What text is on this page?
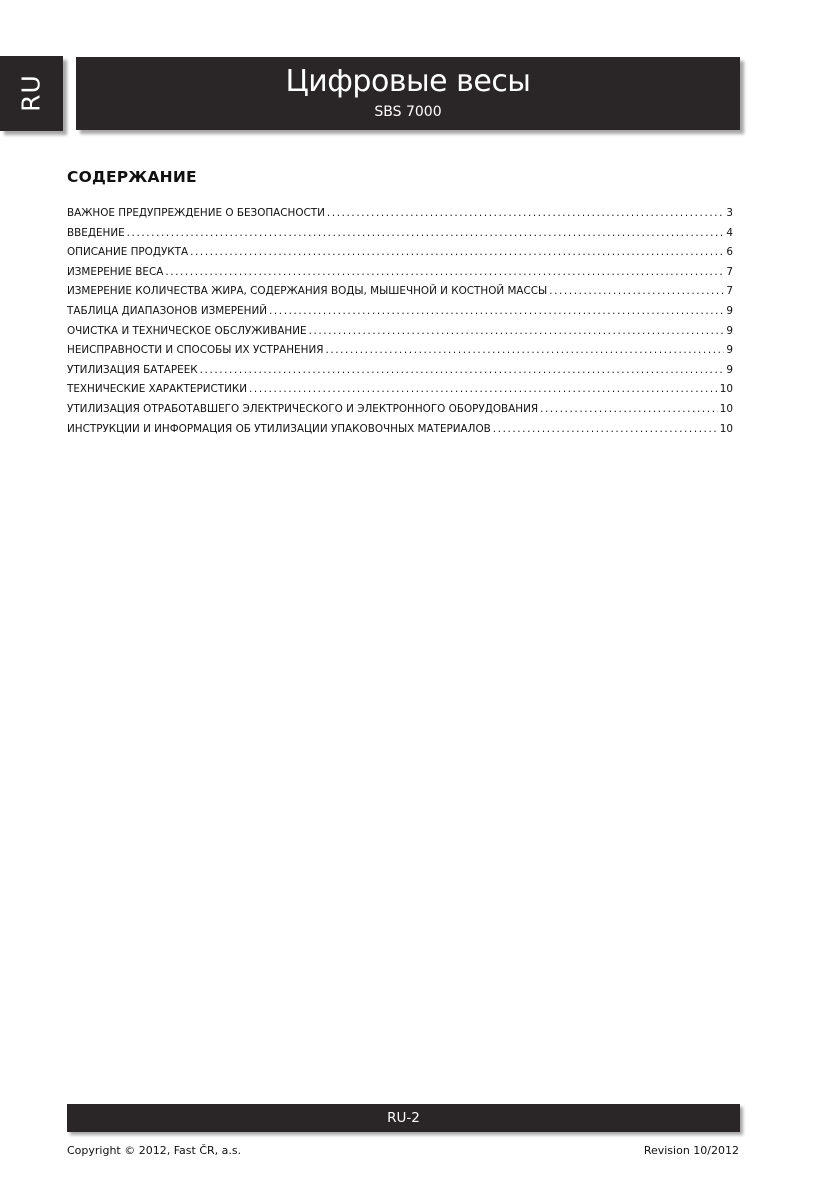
RU	Цифровые весы
SBS 7000
СОДЕРЖАНИЕ
ВАЖНОЕ ПРЕДУПРЕЖДЕНИЕ О БЕЗОПАСНОСТИ .....	3
ВВЕДЕНИЕ .....	4
ОПИСАНИЕ ПРОДУКТА .....	6
ИЗМЕРЕНИЕ ВЕСА .....	7
ИЗМЕРЕНИЕ КОЛИЧЕСТВА ЖИРА, СОДЕРЖАНИЯ ВОДЫ, МЫШЕЧНОЙ И КОСТНОЙ МАССЫ .....	7
ТАБЛИЦА ДИАПАЗОНОВ ИЗМЕРЕНИЙ .....	9
ОЧИСТКА И ТЕХНИЧЕСКОЕ ОБСЛУЖИВАНИЕ .....	9
НЕИСПРАВНОСТИ И СПОСОБЫ ИХ УСТРАНЕНИЯ .....	9
УТИЛИЗАЦИЯ БАТАРЕЕК .....	9
ТЕХНИЧЕСКИЕ ХАРАКТЕРИСТИКИ .....	10
УТИЛИЗАЦИЯ ОТРАБОТАВШЕГО ЭЛЕКТРИЧЕСКОГО И ЭЛЕКТРОННОГО ОБОРУДОВАНИЯ .....	10
ИНСТРУКЦИИ И ИНФОРМАЦИЯ ОБ УТИЛИЗАЦИИ УПАКОВОЧНЫХ МАТЕРИАЛОВ .....	10
RU-2
Copyright © 2012, Fast ČR, a.s.	Revision 10/2012
